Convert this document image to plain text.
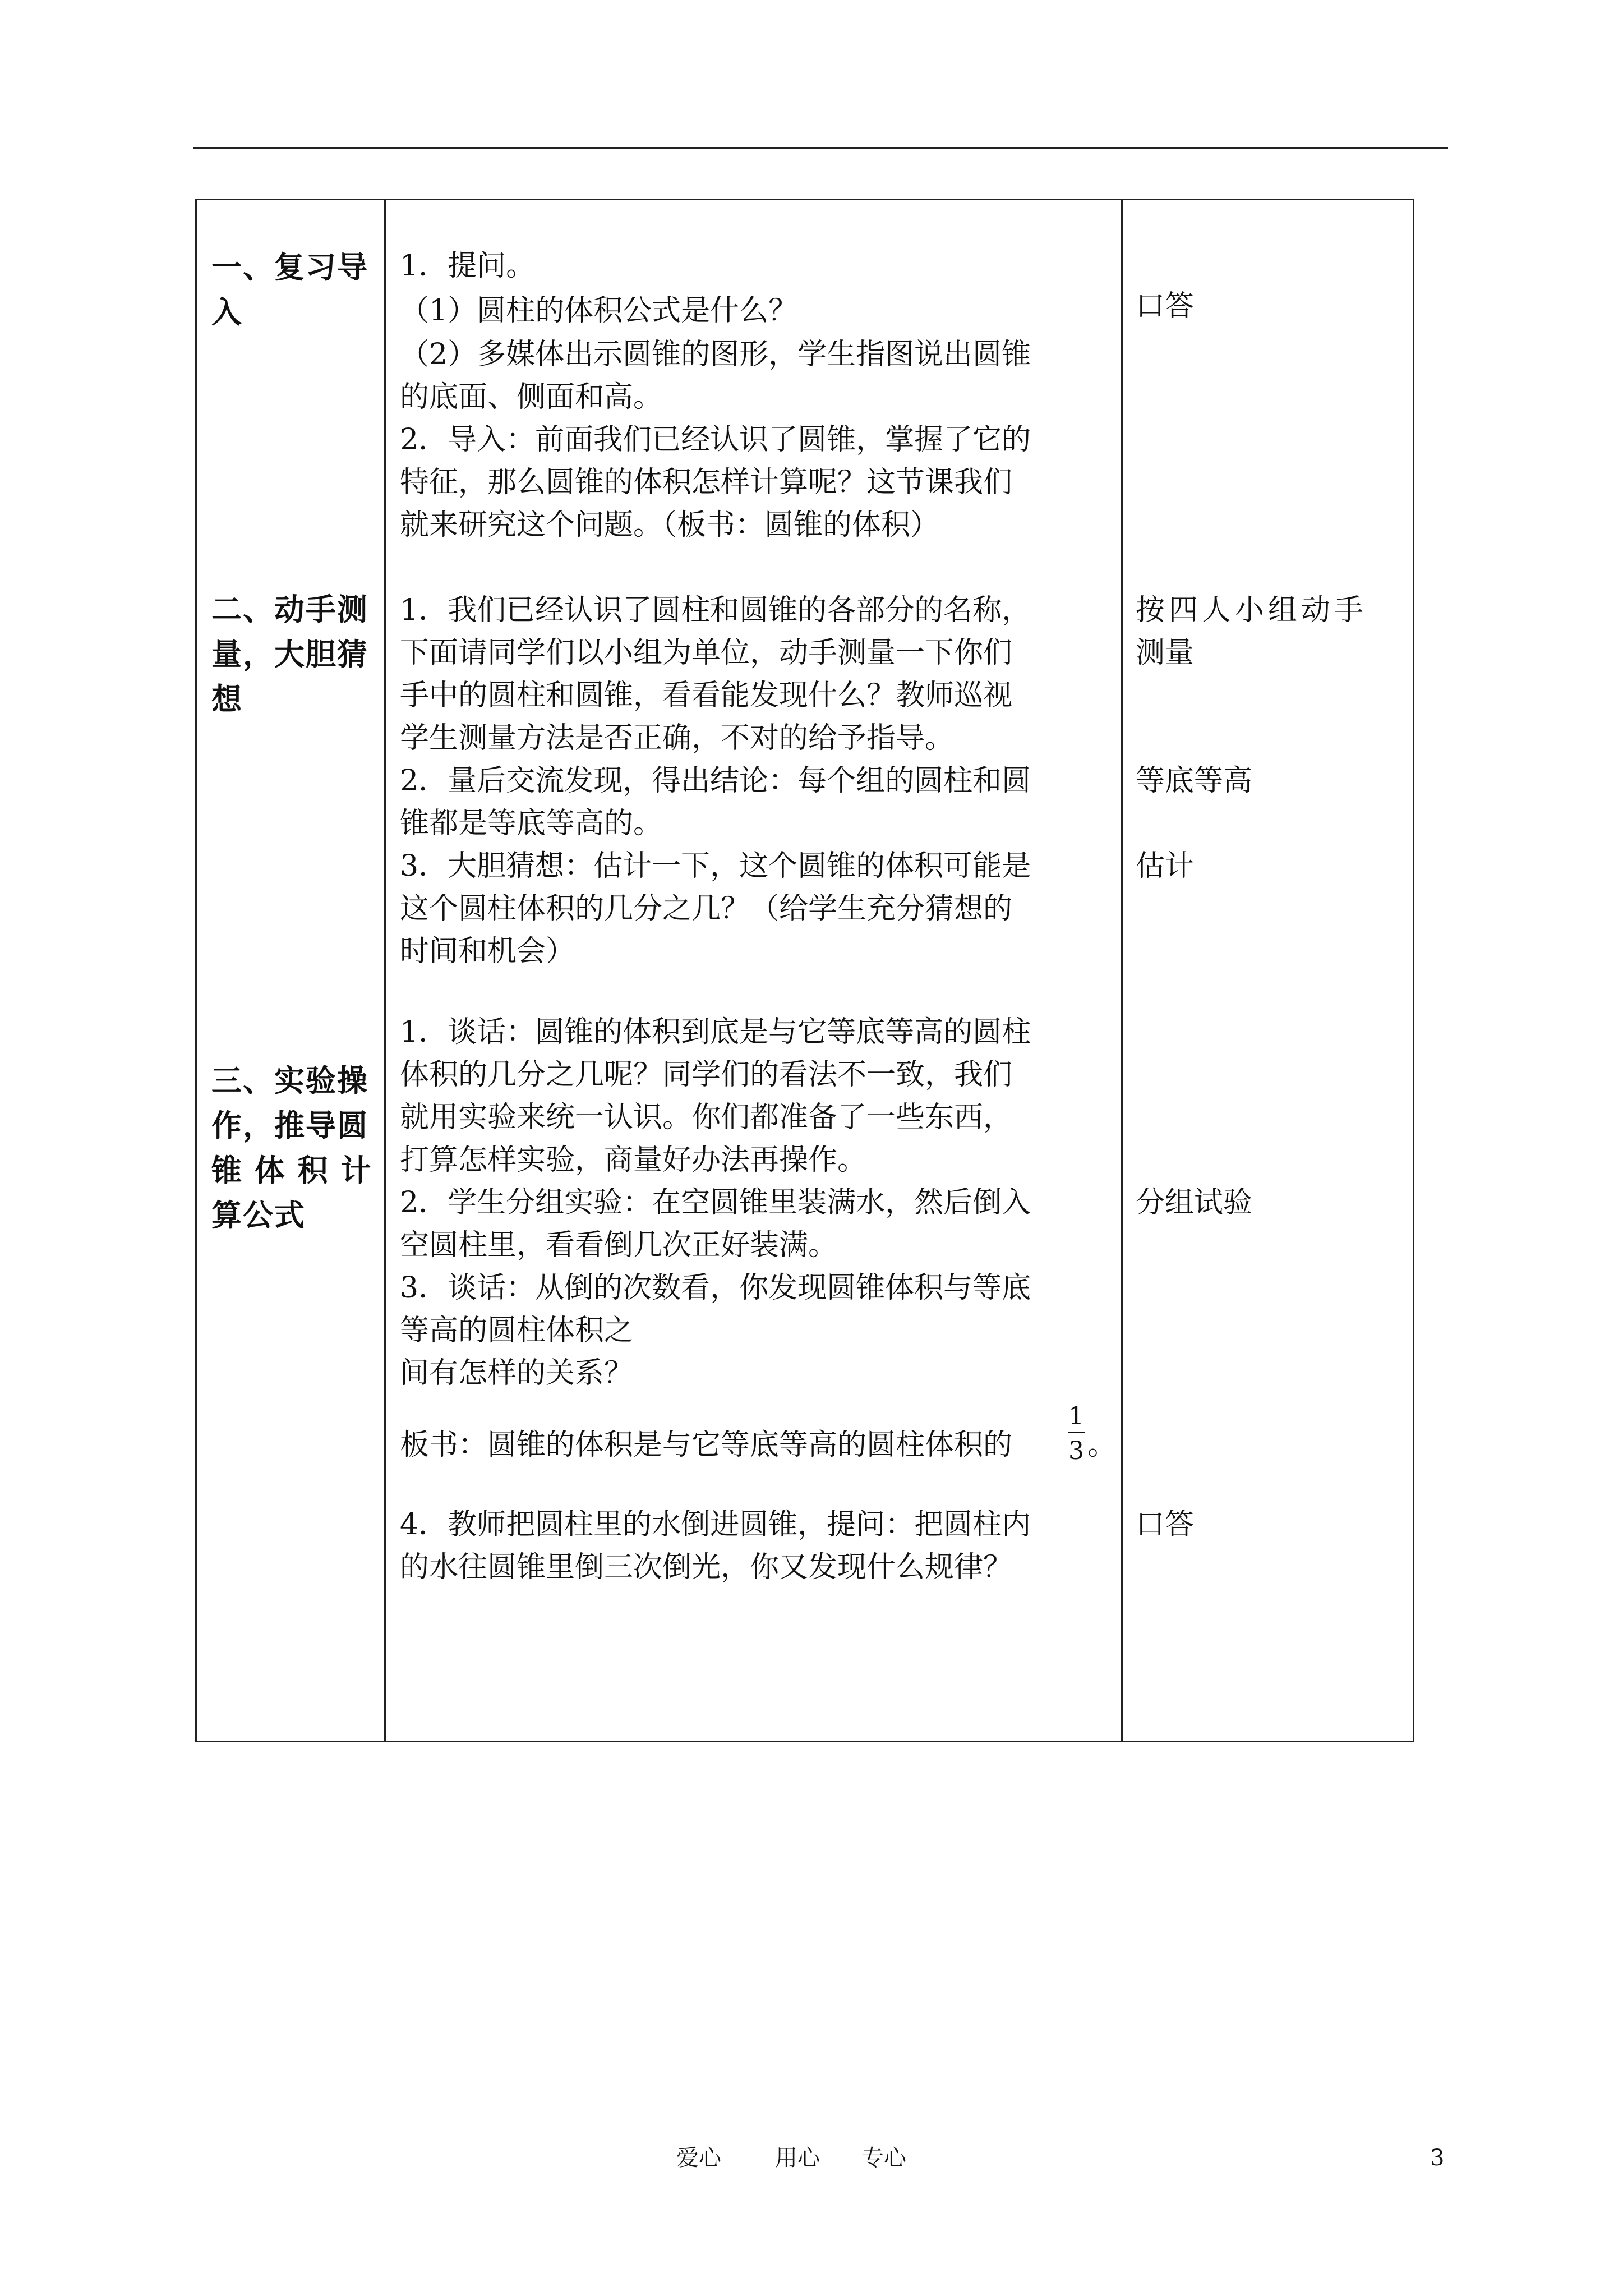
一、复习导
入
1．提问。
（1）圆柱的体积公式是什么？
（2）多媒体出示圆锥的图形，学生指图说出圆锥
的底面、侧面和高。
2．导入：前面我们已经认识了圆锥，掌握了它的
特征，那么圆锥的体积怎样计算呢？这节课我们
就来研究这个问题。（板书：圆锥的体积）
口答
二、动手测
量，大胆猜
想
1．我们已经认识了圆柱和圆锥的各部分的名称，
下面请同学们以小组为单位，动手测量一下你们
手中的圆柱和圆锥，看看能发现什么？教师巡视
学生测量方法是否正确，不对的给予指导。
2．量后交流发现，得出结论：每个组的圆柱和圆
锥都是等底等高的。
3．大胆猜想：估计一下，这个圆锥的体积可能是
这个圆柱体积的几分之几？（给学生充分猜想的
时间和机会）
按四人小组动手
测量
等底等高
估计
三、实验操
作，推导圆
锥 体 积 计
算公式
1．谈话：圆锥的体积到底是与它等底等高的圆柱
体积的几分之几呢？同学们的看法不一致，我们
就用实验来统一认识。你们都准备了一些东西，
打算怎样实验，商量好办法再操作。
2．学生分组实验：在空圆锥里装满水，然后倒入
空圆柱里，看看倒几次正好装满。
3．谈话：从倒的次数看，你发现圆锥体积与等底
等高的圆柱体积之
间有怎样的关系？
板书：圆锥的体积是与它等底等高的圆柱体积的
1
3 。
4．教师把圆柱里的水倒进圆锥，提问：把圆柱内
的水往圆锥里倒三次倒光，你又发现什么规律？
分组试验
口答
爱心 用心 专心	3
